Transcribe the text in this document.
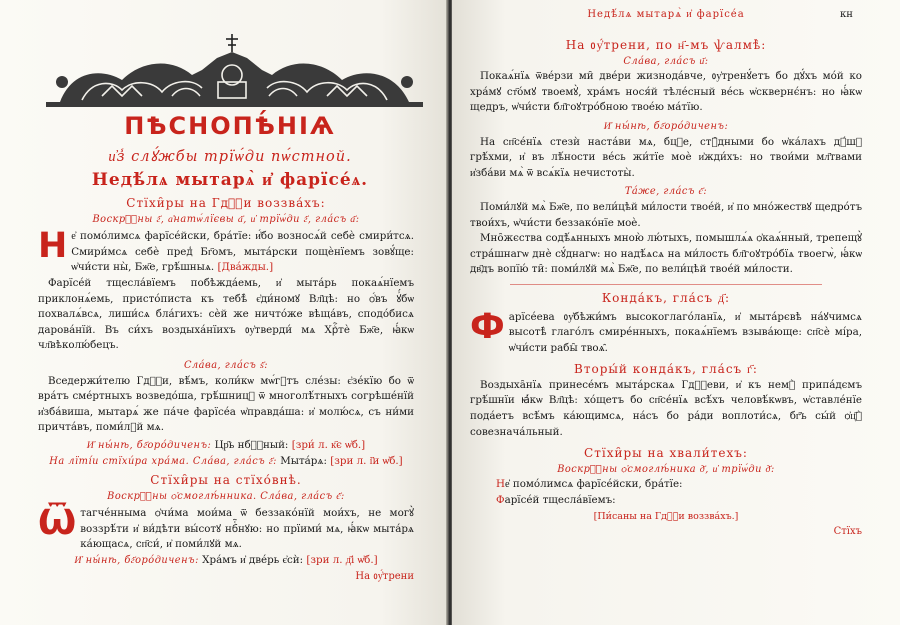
ПѢСНОПѢ́НІѦ

и҆з̾ слꙋ́жбы трїѡ́ди пѡ́стной.

Недѣ́лѧ мытарѧ̀ и҆ фарїсе́ѧ.

Стїхи̑ры на Гдⷭ҇и воззва́хъ:

Воскрⷭ҇ны г҃, а҆натѡ́лїєвы а҃, и҆ трїѡ́ди г҃, гла́съ а҃:

Не҆ помо́лимсѧ фарїсе́йски, бра́тїе: и҆́бо возносѧ́й себѐ смири́тсѧ. Смири́мсѧ себѐ пред̾ Бг҃омъ, мыта́рски пощѐнїемъ зовꙋ́ще: ѡ҆чи́сти ны̀, Бж҃е, грѣ́шныѧ. [Два́жды.]

Фарїсе́й тщесла́вїемъ побѣжда́емь, и҆ мыта́рь покаѧ́нїемъ приклонѧ́емь, присто́писта къ тебѣ̀ є҆ди́номꙋ Вл҃цѣ: но ѻ҆́въ ꙋ҆́бѡ похвалѧ́всѧ, лиши́сѧ бла́гихъ: сѐй же ничто́же вѣща́въ, сподо́бисѧ дарова́нїй. Въ си́хъ воздыха́нїихъ ᲂу҆тверди́ мѧ Хрⷭ҇тѐ Бж҃е, ꙗ҆́кѡ чл҃вѣколю́бецъ.

Сла́ва, гла́съ ѕ҃:

Вседержи́телю Гдⷭ҇и, вѣ́мъ, коли́кѡ мѡ́гꙋтъ сле́зы: є҆зе́кїю бо ѿ вра́тъ сме́ртныхъ возведо́ша, грѣ́шницꙋ ѿ многолѣ́тныхъ согрѣше́нїй и҆зба́виша, мытарѧ́ же па́че фарїсе́а ѡ҆правда́ша: и҆ молю́сѧ, съ ни́ми причта́въ, поми́лꙋй мѧ.

И҆ ны́нѣ, бг҃оро́диченъ: Цр҃ь нбⷭ҇ный: [зри́ л. к҃є ѡ҆б.]

На лїті́и стїхи́ра хра́ма. Сла́ва, гла́съ г҃: Мыта́рѧ: [зри л. і҃и ѡ҆б.]

Стїхи̑ры на стїхо́внѣ.

Воскрⷭ҇ны ѻ҆смоглѣ́нника. Сла́ва, гла́съ є҃:

Ѿтагче́нныма ѻ҆чи́ма мои́ма ѿ беззако́нїй мои́хъ, не могꙋ̀ воззрѣ́ти и҆ ви́дѣти вы́сотꙋ нбⷭ҇нꙋю: но прїими́ мѧ, ꙗ҆́кѡ мыта́рѧ ка́ющасѧ, сп҃си́, и҆ поми́лꙋй мѧ.

И҆ ны́нѣ, бг҃оро́диченъ: Хра́мъ и҆ две́рь є҆сѝ: [зри л. д҃і ѡ҆б.]

На ᲂу҆́трени

Недѣ́лѧ мытарѧ̀ и҆ фарїсе́а	кн

На ᲂу҆́трени, по н҃-мъ ѱалмѣ̀:

Сла́ва, гла́съ и҃:

Покаѧ́нїѧ ѿве́рзи ми̑ две́ри жизнода́вче, ᲂу҆тренꙋ́етъ бо дꙋ́хъ мо́й ко хра́мꙋ ст҃о́мꙋ твоемꙋ̀, хра́мъ нося́й тѣле́сный ве́сь ѡ҆сквернє́нъ: но ꙗ҆́кѡ щедръ, ѡ҆чи́сти бл҃гоꙋтро́бною твое́ю ма́тїю.

И҆ ны́нѣ, бг҃оро́диченъ:

На сп҃се́нїѧ стезѝ наста́ви мѧ, бцⷣе, стꙋ̑дными бо ѡ҆ка́лахъ дꙋ́шꙋ грѣ́хми, и҆ въ лѣ́ности ве́сь жи́тїе моѐ и҆жди́хъ: но твои́ми мл҃твами и҆зба́ви мѧ̀ ѿ всѧ́кїѧ нечистоты̀.

Та́же, гла́съ є҃:

Поми́лꙋй мѧ̀ Бж҃е, по вели́цѣй ми́лости твое́й, и҆ по мно́жествꙋ щедро́тъ твои́хъ, ѡ҆чи́сти беззако́нїе моѐ.

Мно̑жєства содѣ́ѧнныхъ мною̀ лю́тыхъ, помышлѧ́ѧ ѻ҆каѧ́нный, трепещꙋ̀ стра́шнагѡ днѐ сꙋ́днагѡ: но надѣ́ѧсѧ на ми́лость бл҃гоꙋтро́бїѧ твоегѡ̀, ꙗ҆́кѡ дв҃дъ вопїю́ ти̑: поми́лꙋй мѧ̀ Бж҃е, по вели́цѣй твое́й ми́лости.

Конда́къ, гла́съ д҃:

Фарїсе́ева ᲂу҆бѣжи́мъ высокоглаго́ланїѧ, и҆ мыта́рєвѣ на́ꙋчимсѧ высотѣ̀ глаго́лъ смире́нныхъ, покаѧ́нїемъ взыва́юще: сп҃сѐ мі́ра, ѡ҆чи́сти рабы̑ твоѧ̑.

Вторы́й конда́къ, гла́съ г҃:

Воздыха̑нїѧ принесе́мъ мыта́рскаѧ Гдⷭ҇еви, и҆ къ немꙋ̀ припа́дємъ грѣ́шнїи ꙗ҆́кѡ Вл҃цѣ: хо́щетъ бо сп҃се́нїѧ всѣ́хъ человѣ́кѡвъ, ѡ҆ставле́нїе пода́етъ всѣ́мъ ка́ющимсѧ, на́съ бо ра́ди воплоти́сѧ, бг҃ъ сы́й ѻ҆ц҃ꙋ̀ совезнача́льный.

Стїхи̑ры на хвали́техъ:

Воскрⷭ҇ны ѻ҆смоглѣ́ника д҃, и҆ трїѡ́ди д҃:

Не҆ помо́лимсѧ фарїсе́йски, бра́тїе:

Фарїсе́й тщесла́вїемъ:

[Пи́саны на Гдⷭ҇и воззва́хъ.]

Стїхъ
